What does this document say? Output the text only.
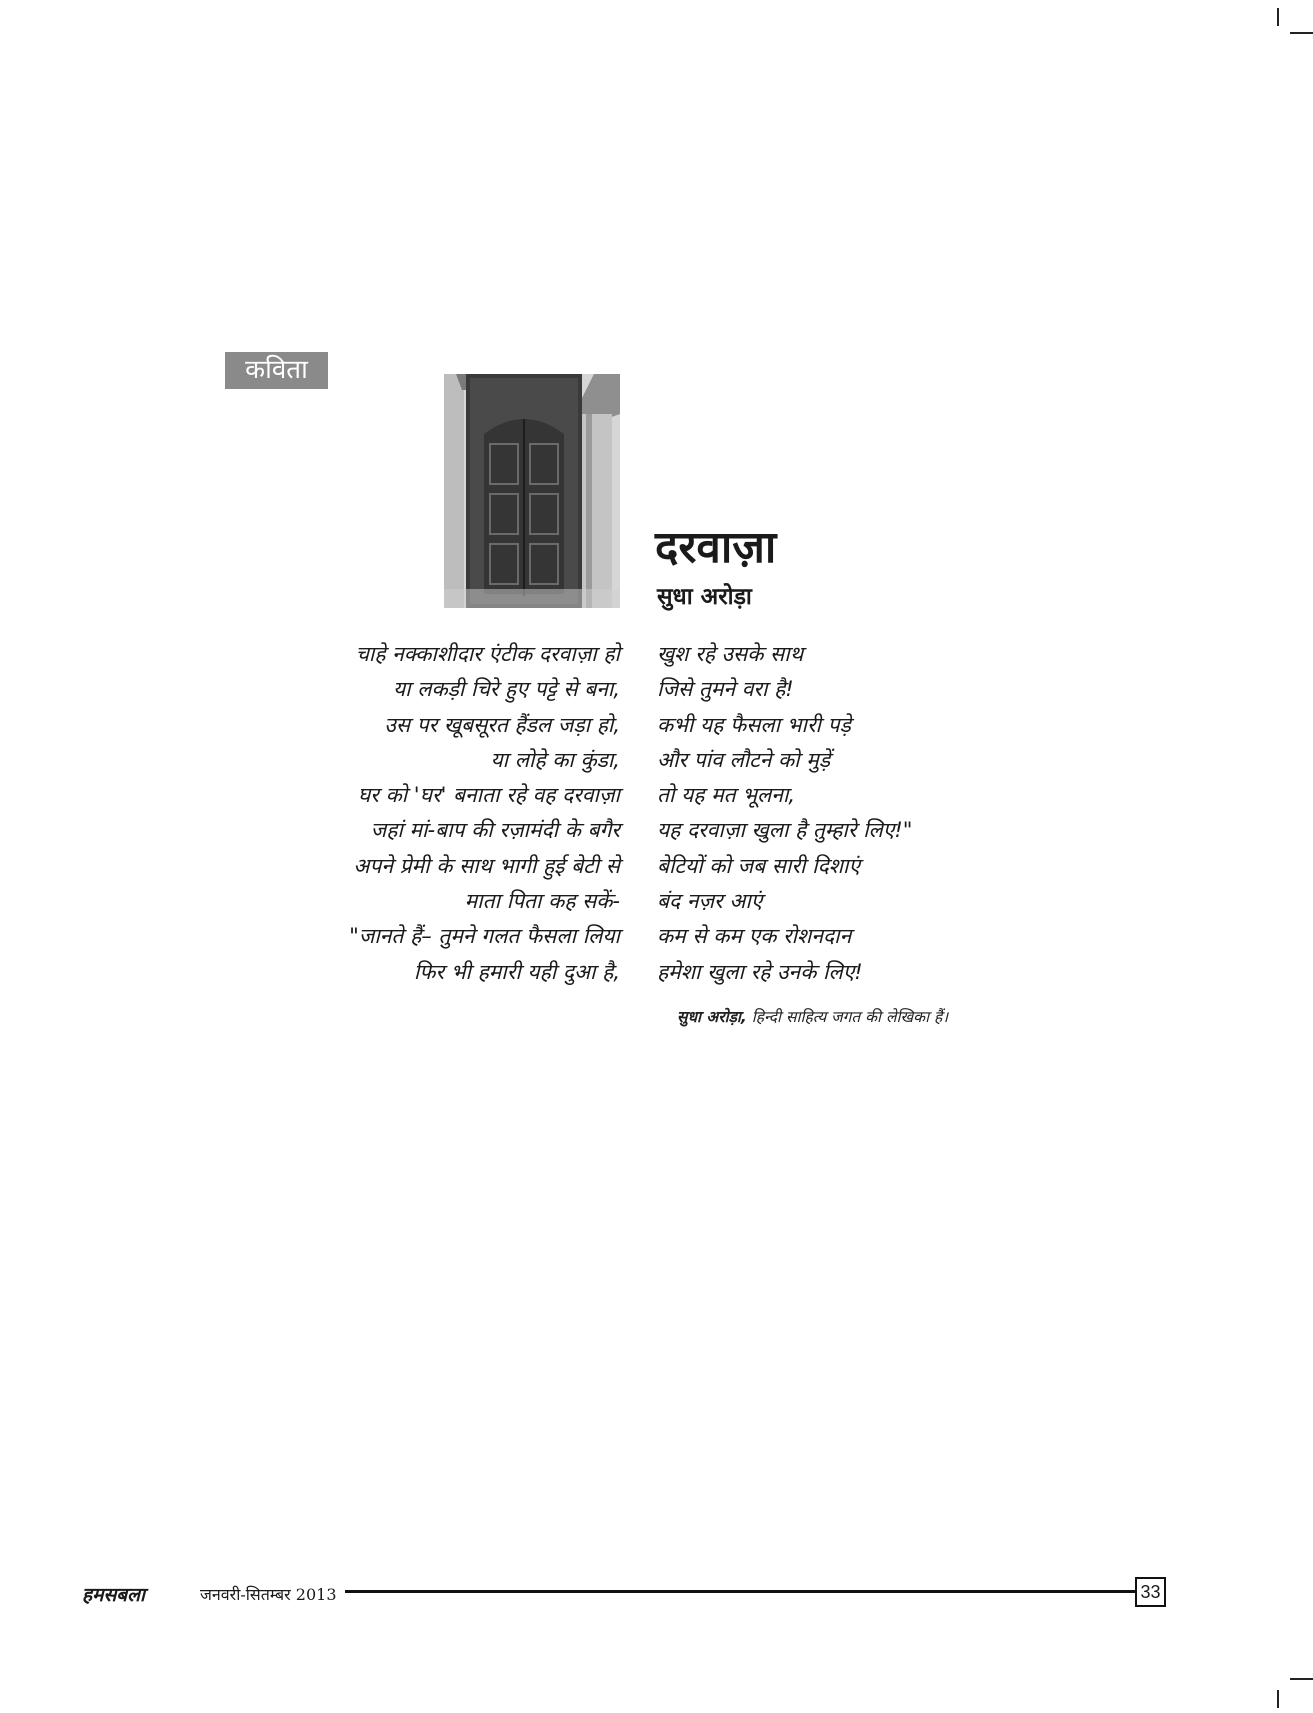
कविता
दरवाज़ा
सुधा अरोड़ा
चाहे नक्काशीदार एंटीक दरवाज़ा हो
या लकड़ी चिरे हुए पट्टे से बना,
उस पर खूबसूरत हैंडल जड़ा हो,
या लोहे का कुंडा,
घर को 'घर' बनाता रहे वह दरवाज़ा
जहां मां-बाप की रज़ामंदी के बगैर
अपने प्रेमी के साथ भागी हुई बेटी से
माता पिता कह सकें-
"जानते हैं– तुमने गलत फैसला लिया
फिर भी हमारी यही दुआ है,
खुश रहे उसके साथ
जिसे तुमने वरा है!
कभी यह फैसला भारी पड़े
और पांव लौटने को मुड़ें
तो यह मत भूलना,
यह दरवाज़ा खुला है तुम्हारे लिए!"
बेटियों को जब सारी दिशाएं
बंद नज़र आएं
कम से कम एक रोशनदान
हमेशा खुला रहे उनके लिए!
सुधा अरोड़ा, हिन्दी साहित्य जगत की लेखिका हैं।
हमसबला	जनवरी-सितम्बर 2013	33
